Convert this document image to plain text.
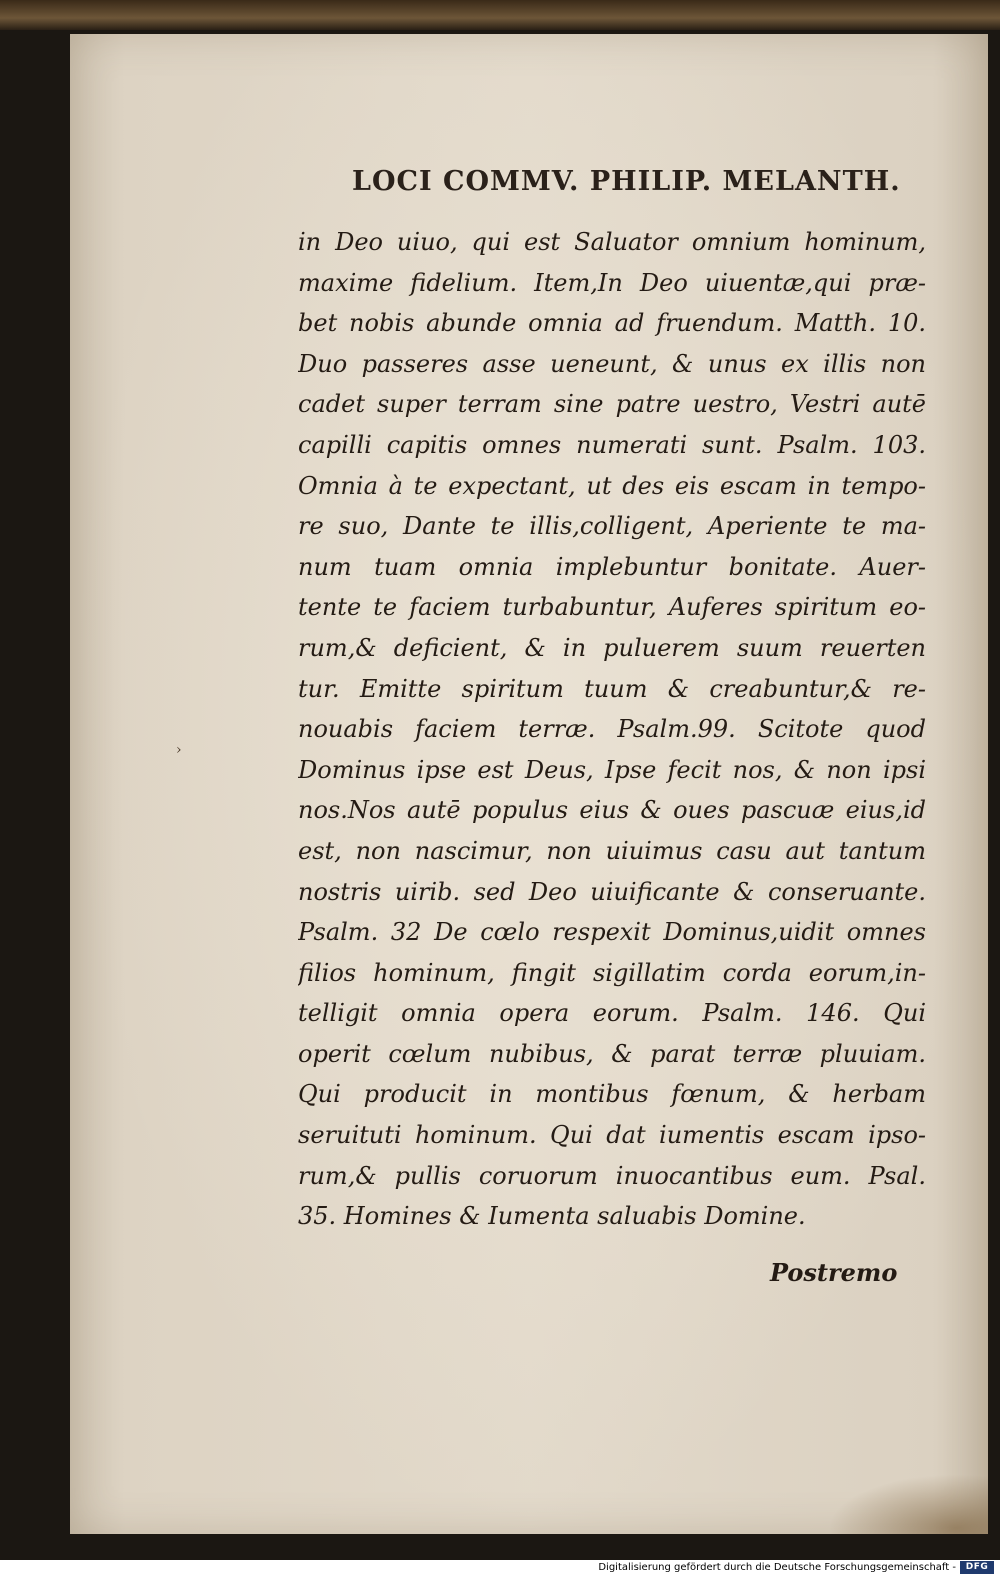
LOCI COMMV. PHILIP. MELANTH.
›
in Deo uiuo, qui est Saluator omnium hominum,
maxime fidelium. Item,In Deo uiuentæ,qui præ-
bet nobis abunde omnia ad fruendum. Matth. 10.
Duo passeres asse ueneunt, & unus ex illis non
cadet super terram sine patre uestro, Vestri autē
capilli capitis omnes numerati sunt. Psalm. 103.
Omnia à te expectant, ut des eis escam in tempo-
re suo, Dante te illis,colligent, Aperiente te ma-
num tuam omnia implebuntur bonitate. Auer-
tente te faciem turbabuntur, Auferes spiritum eo-
rum,& deficient, & in puluerem suum reuerten
tur. Emitte spiritum tuum & creabuntur,& re-
nouabis faciem terræ. Psalm.99. Scitote quod
Dominus ipse est Deus, Ipse fecit nos, & non ipsi
nos.Nos autē populus eius & oues pascuæ eius,id
est, non nascimur, non uiuimus casu aut tantum
nostris uirib. sed Deo uiuificante & conseruante.
Psalm. 32 De cœlo respexit Dominus,uidit omnes
filios hominum, fingit sigillatim corda eorum,in-
telligit omnia opera eorum. Psalm. 146. Qui
operit cœlum nubibus, & parat terræ pluuiam.
Qui producit in montibus fœnum, & herbam
seruituti hominum. Qui dat iumentis escam ipso-
rum,& pullis coruorum inuocantibus eum. Psal.
35. Homines & Iumenta saluabis Domine.
Postremo
Digitalisierung gefördert durch die Deutsche Forschungsgemeinschaft -	DFG
